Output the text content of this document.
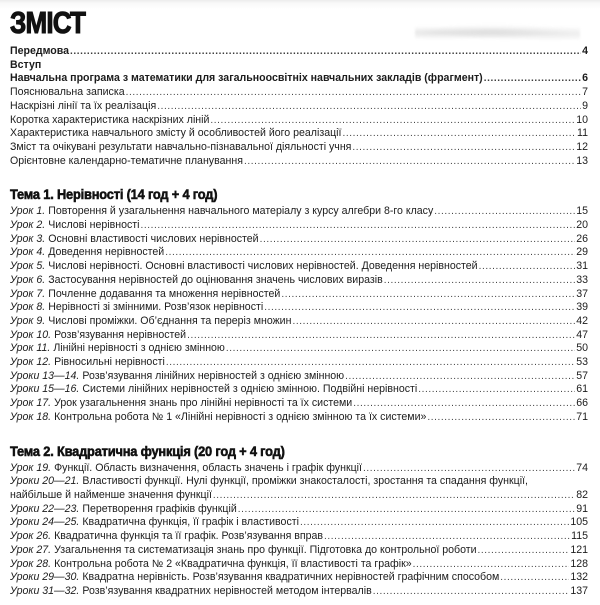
ЗМІСТ
Передмова .....	4
Вступ
Навчальна програма з математики для загальноосвітніх навчальних закладів (фрагмент) .....	6
Пояснювальна записка .....	7
Наскрізні лінії та їх реалізація .....	9
Коротка характеристика наскрізних ліній .....	10
Характеристика навчального змісту й особливостей його реалізації .....	11
Зміст та очікувані результати навчально-пізнавальної діяльності учня .....	12
Орієнтовне календарно-тематичне планування .....	13
Тема 1. Нерівності (14 год + 4 год)
Урок 1. Повторення й узагальнення навчального матеріалу з курсу алгебри 8-го класу .....	15
Урок 2. Числові нерівності .....	20
Урок 3. Основні властивості числових нерівностей .....	26
Урок 4. Доведення нерівностей .....	29
Урок 5. Числові нерівності. Основні властивості числових нерівностей. Доведення нерівностей .....	31
Урок 6. Застосування нерівностей до оцінювання значень числових виразів .....	33
Урок 7. Почленне додавання та множення нерівностей .....	37
Урок 8. Нерівності зі змінними. Розв’язок нерівності .....	39
Урок 9. Числові проміжки. Об’єднання та переріз множин .....	42
Урок 10. Розв’язування нерівностей .....	47
Урок 11. Лінійні нерівності з однією змінною .....	50
Урок 12. Рівносильні нерівності .....	53
Уроки 13—14. Розв’язування лінійних нерівностей з однією змінною .....	57
Уроки 15—16. Системи лінійних нерівностей з однією змінною. Подвійні нерівності .....	61
Урок 17. Урок узагальнення знань про лінійні нерівності та їх системи .....	66
Урок 18. Контрольна робота № 1 «Лінійні нерівності з однією змінною та їх системи» .....	71
Тема 2. Квадратична функція (20 год + 4 год)
Урок 19. Функції. Область визначення, область значень і графік функції .....	74
Уроки 20—21. Властивості функції. Нулі функції, проміжки знакосталості, зростання та спадання функції,
найбільше й найменше значення функції .....	82
Уроки 22—23. Перетворення графіків функцій .....	91
Уроки 24—25. Квадратична функція, її графік і властивості .....	105
Урок 26. Квадратична функція та її графік. Розв’язування вправ .....	115
Урок 27. Узагальнення та систематизація знань про функції. Підготовка до контрольної роботи .....	121
Урок 28. Контрольна робота № 2 «Квадратична функція, її властивості та графік» .....	128
Уроки 29—30. Квадратна нерівність. Розв’язування квадратичних нерівностей графічним способом .....	132
Уроки 31—32. Розв’язування квадратних нерівностей методом інтервалів .....	137
